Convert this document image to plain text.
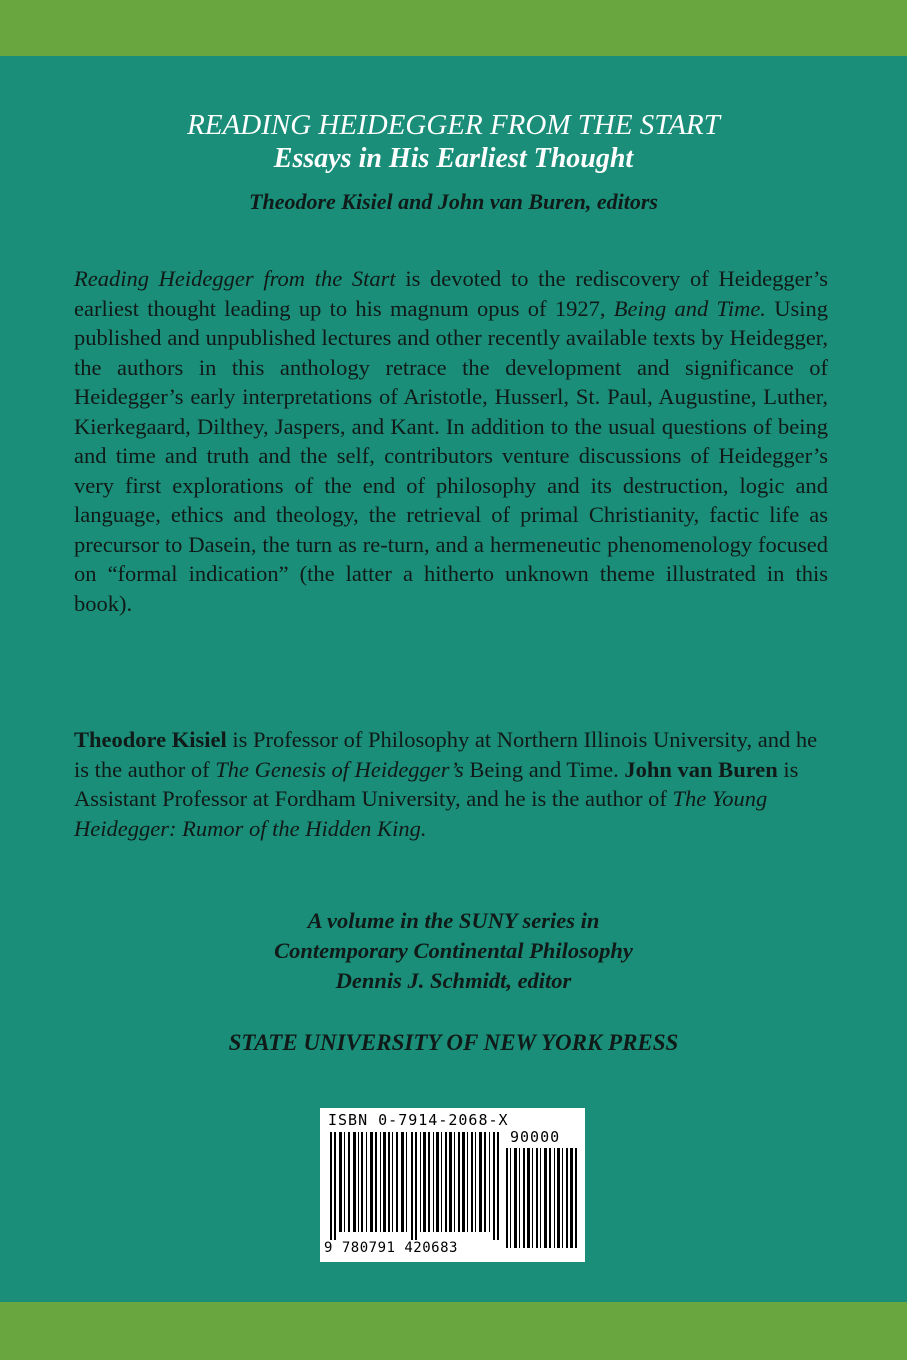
READING HEIDEGGER FROM THE START
Essays in His Earliest Thought
Theodore Kisiel and John van Buren, editors
Reading Heidegger from the Start is devoted to the rediscovery of Heidegger’s earliest thought leading up to his magnum opus of 1927, Being and Time. Using published and unpublished lectures and other recently available texts by Heidegger, the authors in this anthology retrace the development and significance of Heidegger’s early interpretations of Aristotle, Husserl, St. Paul, Augustine, Luther, Kierkegaard, Dilthey, Jaspers, and Kant. In addition to the usual questions of being and time and truth and the self, contributors venture discussions of Heidegger’s very first explorations of the end of philosophy and its destruction, logic and language, ethics and theology, the retrieval of primal Christianity, factic life as precursor to Dasein, the turn as re-turn, and a hermeneutic phenomenology focused on “formal indication” (the latter a hitherto unknown theme illustrated in this book).
Theodore Kisiel is Professor of Philosophy at Northern Illinois University, and he is the author of The Genesis of Heidegger’s Being and Time. John van Buren is Assistant Professor at Fordham University, and he is the author of The Young Heidegger: Rumor of the Hidden King.
A volume in the SUNY series in
Contemporary Continental Philosophy
Dennis J. Schmidt, editor
STATE UNIVERSITY OF NEW YORK PRESS
ISBN 0-7914-2068-X
90000
9 780791 420683
